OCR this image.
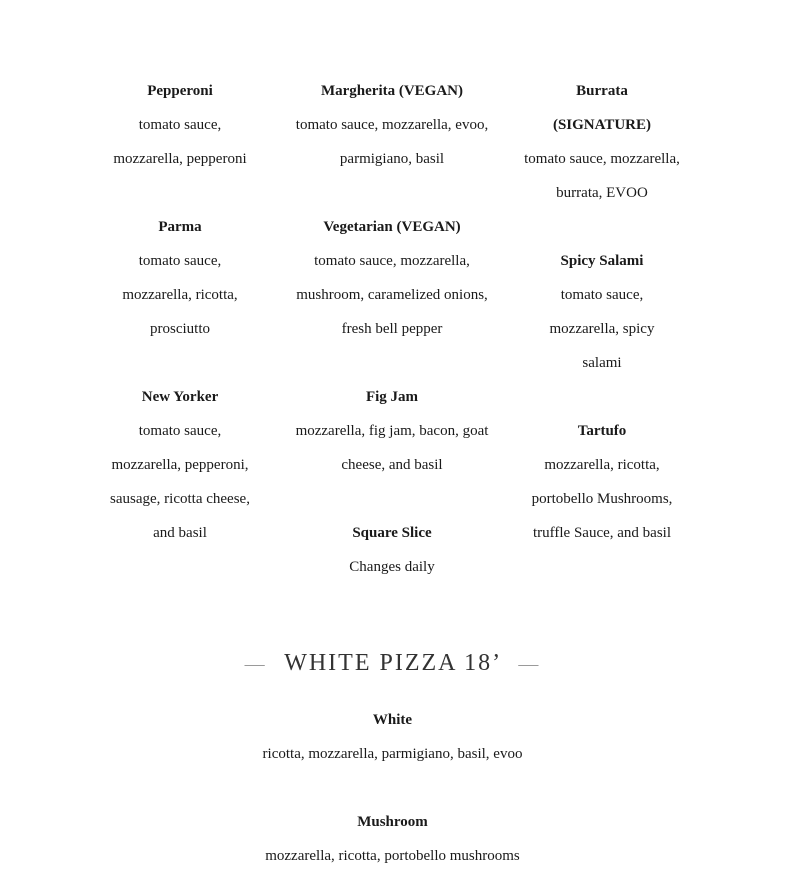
Pepperoni
tomato sauce, mozzarella, pepperoni
Parma
tomato sauce, mozzarella, ricotta, prosciutto
New Yorker
tomato sauce, mozzarella, pepperoni, sausage, ricotta cheese, and basil
Margherita (VEGAN)
tomato sauce, mozzarella, evoo, parmigiano, basil
Vegetarian (VEGAN)
tomato sauce, mozzarella, mushroom, caramelized onions, fresh bell pepper
Fig Jam
mozzarella, fig jam, bacon, goat cheese, and basil
Square Slice
Changes daily
Burrata (SIGNATURE)
tomato sauce, mozzarella, burrata, EVOO
Spicy Salami
tomato sauce, mozzarella, spicy salami
Tartufo
mozzarella, ricotta, portobello Mushrooms, truffle Sauce, and basil
— WHITE PIZZA 18’ —
White
ricotta, mozzarella, parmigiano, basil, evoo
Mushroom
mozzarella, ricotta, portobello mushrooms
